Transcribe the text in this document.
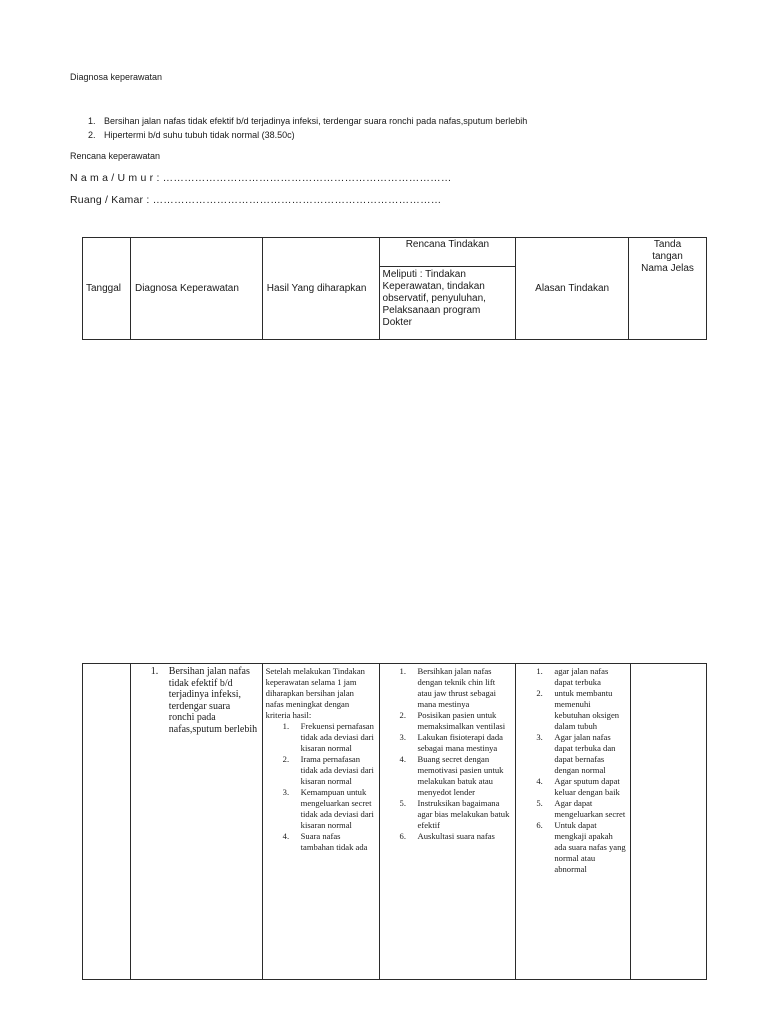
Diagnosa keperawatan
1. Bersihan jalan nafas tidak efektif b/d terjadinya infeksi, terdengar suara ronchi pada nafas,sputum berlebih
2. Hipertermi b/d suhu tubuh tidak normal (38.50c)
Rencana keperawatan
N a m a / U m u r : ………………………………………………………………………
Ruang / Kamar : ………………………………………………………………………
Tanggal	Diagnosa Keperawatan	Hasil Yang diharapkan	Rencana Tindakan	Alasan Tindakan	Tanda tangan Nama Jelas
Meliputi : Tindakan Keperawatan, tindakan observatif, penyuluhan, Pelaksanaan program Dokter

1.	Bersihan jalan nafas tidak efektif b/d terjadinya infeksi, terdengar suara ronchi pada nafas,sputum berlebih

Setelah melakukan Tindakan keperawatan selama 1 jam diharapkan bersihan jalan nafas meningkat dengan kriteria hasil:
1.	Frekuensi pernafasan tidak ada deviasi dari kisaran normal
2.	Irama pernafasan tidak ada deviasi dari kisaran normal
3.	Kemampuan untuk mengeluarkan secret tidak ada deviasi dari kisaran normal
4.	Suara nafas tambahan tidak ada

1.	Bersihkan jalan nafas dengan teknik chin lift atau jaw thrust sebagai mana mestinya
2.	Posisikan pasien untuk memaksimalkan ventilasi
3.	Lakukan fisioterapi dada sebagai mana mestinya
4.	Buang secret dengan memotivasi pasien untuk melakukan batuk atau menyedot lender
5.	Instruksikan bagaimana agar bias melakukan batuk efektif
6.	Auskultasi suara nafas

1.	agar jalan nafas dapat terbuka
2.	untuk membantu memenuhi kebutuhan oksigen dalam tubuh
3.	Agar jalan nafas dapat terbuka dan dapat bernafas dengan normal
4.	Agar sputum dapat keluar dengan baik
5.	Agar dapat mengeluarkan secret
6.	Untuk dapat mengkaji apakah ada suara nafas yang normal atau abnormal
